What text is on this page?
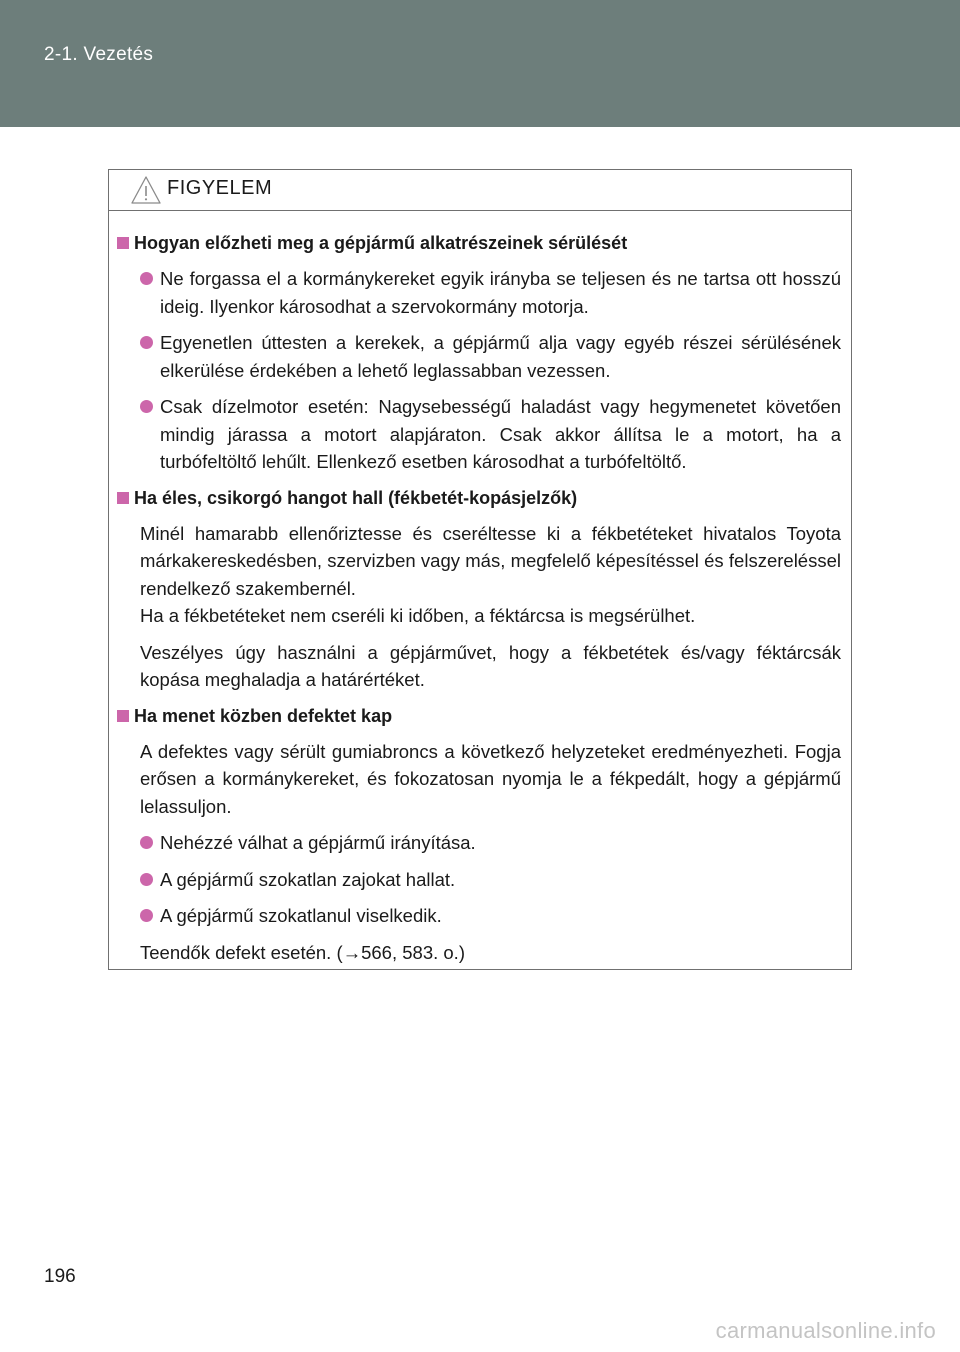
2-1. Vezetés
FIGYELEM
Hogyan előzheti meg a gépjármű alkatrészeinek sérülését
Ne forgassa el a kormánykereket egyik irányba se teljesen és ne tartsa ott hosszú ideig. Ilyenkor károsodhat a szervokormány motorja.
Egyenetlen úttesten a kerekek, a gépjármű alja vagy egyéb részei sérülésének elkerülése érdekében a lehető leglassabban vezessen.
Csak dízelmotor esetén: Nagysebességű haladást vagy hegymenetet követően mindig járassa a motort alapjáraton. Csak akkor állítsa le a motort, ha a turbófeltöltő lehűlt. Ellenkező esetben károsodhat a turbófeltöltő.
Ha éles, csikorgó hangot hall (fékbetét-kopásjelzők)
Minél hamarabb ellenőriztesse és cseréltesse ki a fékbetéteket hivatalos Toyota márkakereskedésben, szervizben vagy más, megfelelő képesítéssel és felszereléssel rendelkező szakembernél.
Ha a fékbetéteket nem cseréli ki időben, a féktárcsa is megsérülhet.
Veszélyes úgy használni a gépjárművet, hogy a fékbetétek és/vagy féktárcsák kopása meghaladja a határértéket.
Ha menet közben defektet kap
A defektes vagy sérült gumiabroncs a következő helyzeteket eredményezheti. Fogja erősen a kormánykereket, és fokozatosan nyomja le a fékpedált, hogy a gépjármű lelassuljon.
Nehézzé válhat a gépjármű irányítása.
A gépjármű szokatlan zajokat hallat.
A gépjármű szokatlanul viselkedik.
Teendők defekt esetén. (→566, 583. o.)
196
carmanualsonline.info
